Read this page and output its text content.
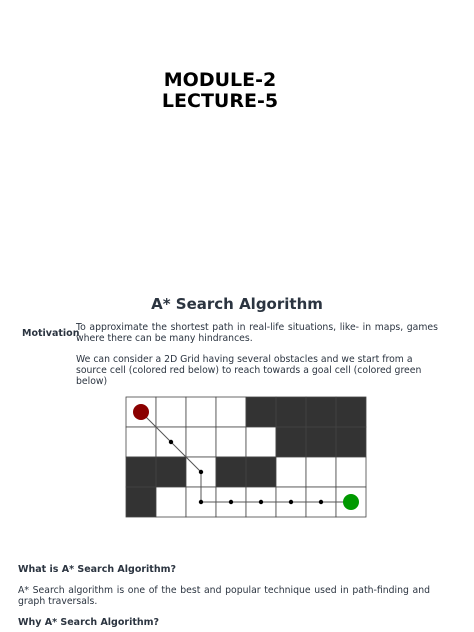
MODULE-2
LECTURE-5
A* Search Algorithm
Motivation
To approximate the shortest path in real-life situations, like- in maps, games where there can be many hindrances.
We can consider a 2D Grid having several obstacles and we start from a source cell (colored red below) to reach towards a goal cell (colored green below)
What is A* Search Algorithm?
A* Search algorithm is one of the best and popular technique used in path-finding and graph traversals.
Why A* Search Algorithm?
